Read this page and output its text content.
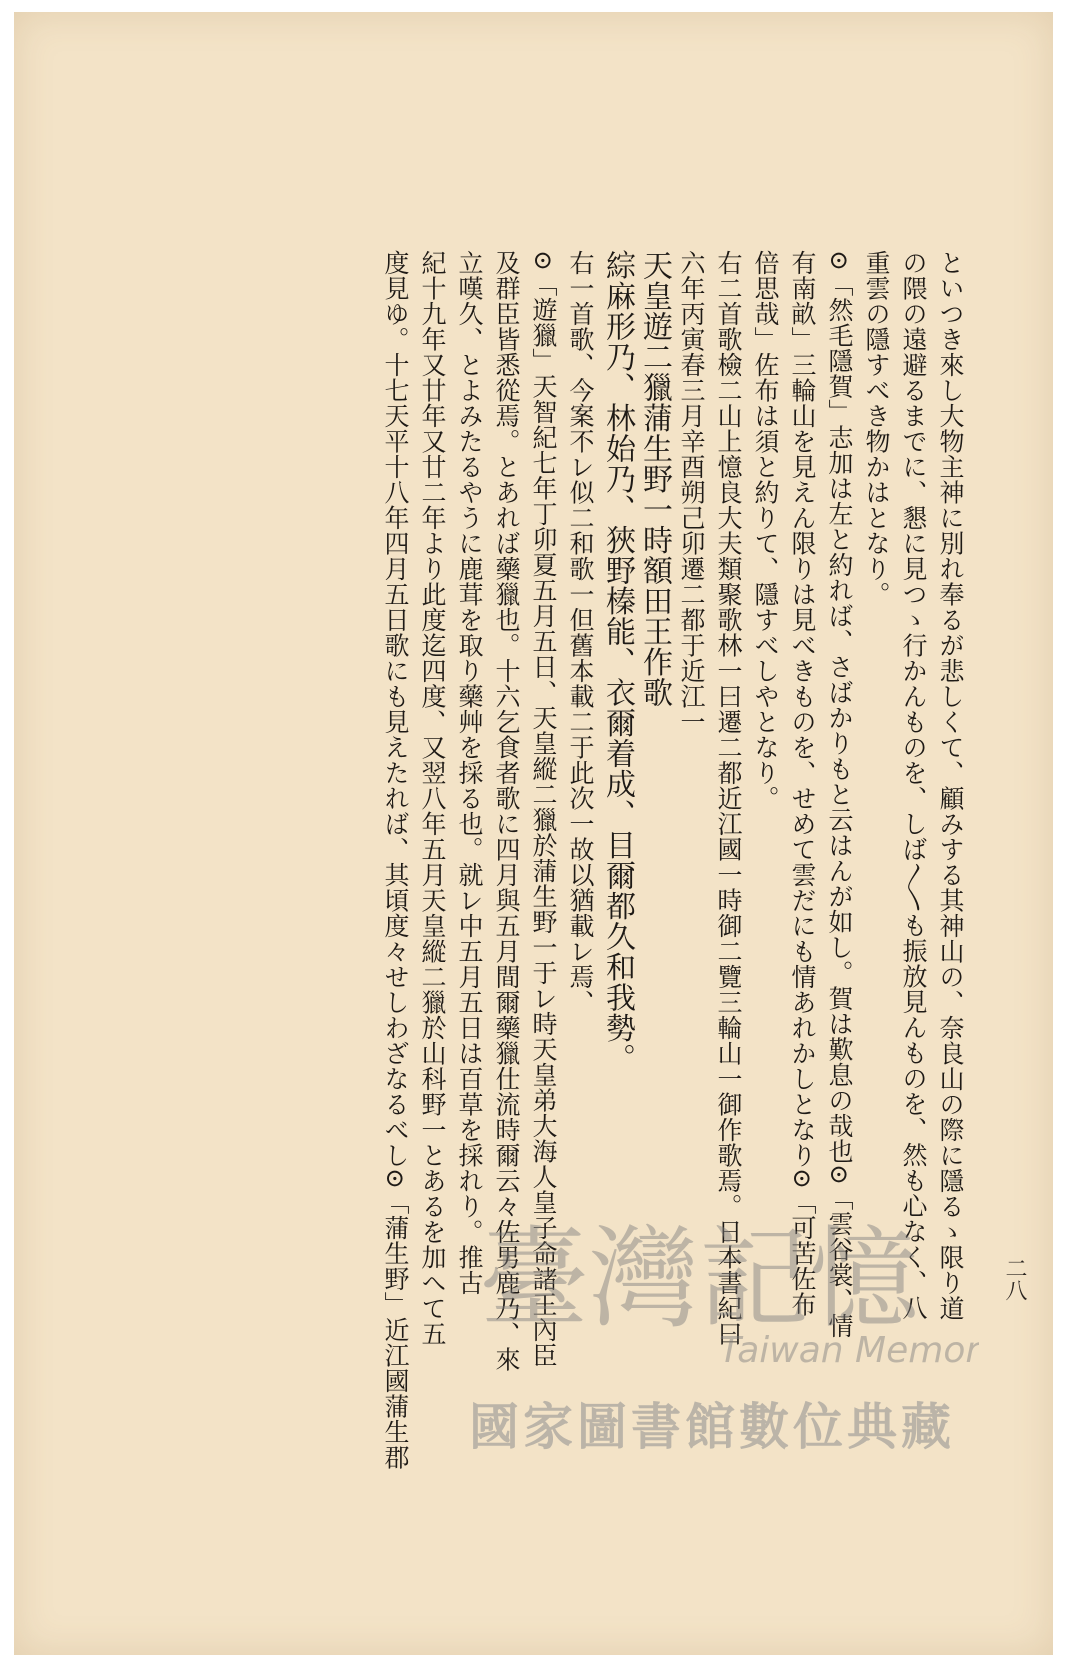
二八
といつき來し大物主神に別れ奉るが悲しくて、顧みする其神山の、奈良山の際に隱るゝ限り道
の隈の遠避るまでに、懇に見つゝ行かんものを、しば〳〵も振放見んものを、然も心なく、八
重雲の隱すべき物かはとなり。
⊙「然毛隱賀」志加は左と約れば、さばかりもと云はんが如し。賀は歎息の哉也⊙「雲谷裳、情
有南畝」三輪山を見えん限りは見べきものを、せめて雲だにも情あれかしとなり⊙「可苦佐布
倍思哉」佐布は須と約りて、隱すべしやとなり。
右二首歌檢二山上憶良大夫類聚歌林一曰遷二都近江國一時御二覽三輪山一御作歌焉。日本書紀曰
六年丙寅春三月辛酉朔己卯遷二都于近江一
天皇遊二獵蒲生野一時額田王作歌
綜麻形乃、林始乃、狹野榛能、衣爾着成、目爾都久和我勢。
右一首歌、今案不レ似二和歌一但舊本載二于此次一故以猶載レ焉、
⊙「遊獵」天智紀七年丁卯夏五月五日、天皇縱二獵於蒲生野一于レ時天皇弟大海人皇子命諸王內臣
及群臣皆悉從焉。とあれば藥獵也。十六乞食者歌に四月與五月間爾藥獵仕流時爾云々佐男鹿乃、來
立嘆久、とよみたるやうに鹿茸を取り藥艸を採る也。就レ中五月五日は百草を採れり。推古
紀十九年又廿年又廿二年より此度迄四度、又翌八年五月天皇縱二獵於山科野一とあるを加へて五
度見ゆ。十七天平十八年四月五日歌にも見えたれば、其頃度々せしわざなるべし⊙「蒲生野」近江國蒲生郡 臺灣記憶
Taiwan Memory
國家圖書館數位典藏
